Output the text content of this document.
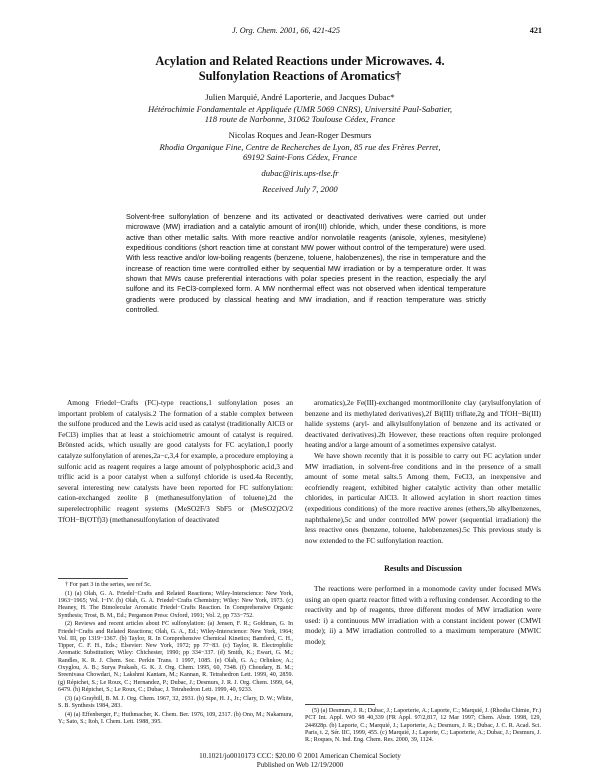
J. Org. Chem. 2001, 66, 421-425	421
Acylation and Related Reactions under Microwaves. 4.
Sulfonylation Reactions of Aromatics†
Julien Marquié, André Laporterie, and Jacques Dubac*
Hétérochimie Fondamentale et Appliquée (UMR 5069 CNRS), Université Paul-Sabatier,
118 route de Narbonne, 31062 Toulouse Cédex, France
Nicolas Roques and Jean-Roger Desmurs
Rhodia Organique Fine, Centre de Recherches de Lyon, 85 rue des Frères Perret,
69192 Saint-Fons Cédex, France
dubac@iris.ups-tlse.fr
Received July 7, 2000
Solvent-free sulfonylation of benzene and its activated or deactivated derivatives were carried out under microwave (MW) irradiation and a catalytic amount of iron(III) chloride, which, under these conditions, is more active than other metallic salts. With more reactive and/or nonvolatile reagents (anisole, xylenes, mesitylene) expeditious conditions (short reaction time at constant MW power without control of the temperature) were used. With less reactive and/or low-boiling reagents (benzene, toluene, halobenzenes), the rise in temperature and the increase of reaction time were controlled either by sequential MW irradiation or by a temperature order. It was shown that MWs cause preferential interactions with polar species present in the reaction, especially the aryl sulfone and its FeCl3-complexed form. A MW nonthermal effect was not observed when identical temperature gradients were produced by classical heating and MW irradiation, and if reaction temperature was strictly controlled.

Among Friedel−Crafts (FC)-type reactions,1 sulfonylation poses an important problem of catalysis.2 The formation of a stable complex between the sulfone produced and the Lewis acid used as catalyst (traditionally AlCl3 or FeCl3) implies that at least a stoichiometric amount of catalyst is required. Brönsted acids, which usually are good catalysts for FC acylation,1 poorly catalyze sulfonylation of arenes,2a−c,3,4 for example, a procedure employing a sulfonic acid as reagent requires a large amount of polyphosphoric acid,3 and triflic acid is a poor catalyst when a sulfonyl chloride is used.4a Recently, several interesting new catalysts have been reported for FC sulfonylation: cation-exchanged zeolite β (methanesulfonylation of toluene),2d the superelectrophilic reagent systems (MeSO2F/3 SbF5 or (MeSO2)2O/2 TfOH−B(OTf)3) (methanesulfonylation of deactivated

aromatics),2e Fe(III)-exchanged montmorillonite clay (arylsulfonylation of benzene and its methylated derivatives),2f Bi(III) triflate,2g and TfOH−Bi(III) halide systems (aryl- and alkylsulfonylation of benzene and its activated or deactivated derivatives).2h However, these reactions often require prolonged heating and/or a large amount of a sometimes expensive catalyst.

We have shown recently that it is possible to carry out FC acylation under MW irradiation, in solvent-free conditions and in the presence of a small amount of some metal salts.5 Among them, FeCl3, an inexpensive and ecofriendly reagent, exhibited higher catalytic activity than other metallic chlorides, in particular AlCl3. It allowed acylation in short reaction times (expeditious conditions) of the more reactive arenes (ethers,5b alkylbenzenes, naphthalene),5c and under controlled MW power (sequential irradiation) the less reactive ones (benzene, toluene, halobenzenes).5c This previous study is now extended to the FC sulfonylation reaction.

Results and Discussion

The reactions were performed in a monomode cavity under focused MWs using an open quartz reactor fitted with a refluxing condenser. According to the reactivity and bp of reagents, three different modes of MW irradiation were used: i) a continuous MW irradiation with a constant incident power (CMWI mode); ii) a MW irradiation controlled to a maximum temperature (MWIC mode);

† For part 3 in the series, see ref 5c.

(1) (a) Olah, G. A. Friedel−Crafts and Related Reactions; Wiley-Interscience: New York, 1963−1965; Vol. I−IV. (b) Olah, G. A. Friedel−Crafts Chemistry; Wiley: New York, 1973. (c) Heaney, H. The Bimolecular Aromatic Friedel−Crafts Reaction. In Comprehensive Organic Synthesis; Trost, B. M., Ed.; Pergamon Press: Oxford, 1991; Vol. 2, pp 733−752.

(2) Reviews and recent articles about FC sulfonylation: (a) Jensen, F. R.; Goldman, G. In Friedel−Crafts and Related Reactions; Olah, G. A., Ed.; Wiley-Interscience: New York, 1964; Vol. III, pp 1319−1367. (b) Taylor, R. In Comprehensive Chemical Kinetics; Bamford, C. H., Tipper, C. F. H., Eds.; Elsevier: New York, 1972; pp 77−83. (c) Taylor, R. Electrophilic Aromatic Substitution; Wiley: Chichester, 1990; pp 334−337. (d) Smith, K.; Ewart, G. M.; Randles, K. R. J. Chem. Soc. Perkin Trans. 1 1997, 1085. (e) Olah, G. A.; Orlinkov, A.; Oxyglou, A. B.; Surya Prakash, G. K. J. Org. Chem. 1995, 60, 7348. (f) Choudary, B. M.; Sreenivasa Chowdari, N.; Lakshmi Kantam, M.; Kannan, R. Tetrahedron Lett. 1999, 40, 2859. (g) Répichet, S.; Le Roux, C.; Hernandez, P.; Dubac, J.; Desmurs, J. R. J. Org. Chem. 1999, 64, 6479. (h) Répichet, S.; Le Roux, C.; Dubac, J. Tetrahedron Lett. 1999, 40, 9233.

(3) (a) Graybill, B. M. J. Org. Chem. 1967, 32, 2931. (b) Sipe, H. J., Jr.; Clary, D. W.; White, S. B. Synthesis 1984, 283.

(4) (a) Effenberger, F.; Huthmacher, K. Chem. Ber. 1976, 109, 2317. (b) Ono, M.; Nakamura, Y.; Sato, S.; Itoh, I. Chem. Lett. 1988, 395.

(5) (a) Desmurs, J. R.; Dubac, J.; Laporterie, A.; Laporte, C.; Marquié, J. (Rhodia Chimie, Fr.) PCT Int. Appl. WO 98 40,339 (FR Appl. 97/2,817, 12 Mar 1997; Chem. Abstr. 1998, 129, 244928p. (b) Laporte, C.; Marquié, J.; Laporterie, A.; Desmurs, J. R.; Dubac, J. C. R. Acad. Sci. Paris, t. 2, Sér. IIC, 1999, 455. (c) Marquié, J.; Laporte, C.; Laporterie, A.; Dubac, J.; Desmurs, J. R.; Roques, N. Ind. Eng. Chem. Res. 2000, 39, 1124.

10.1021/jo0010173 CCC: $20.00 © 2001 American Chemical Society
Published on Web 12/19/2000
